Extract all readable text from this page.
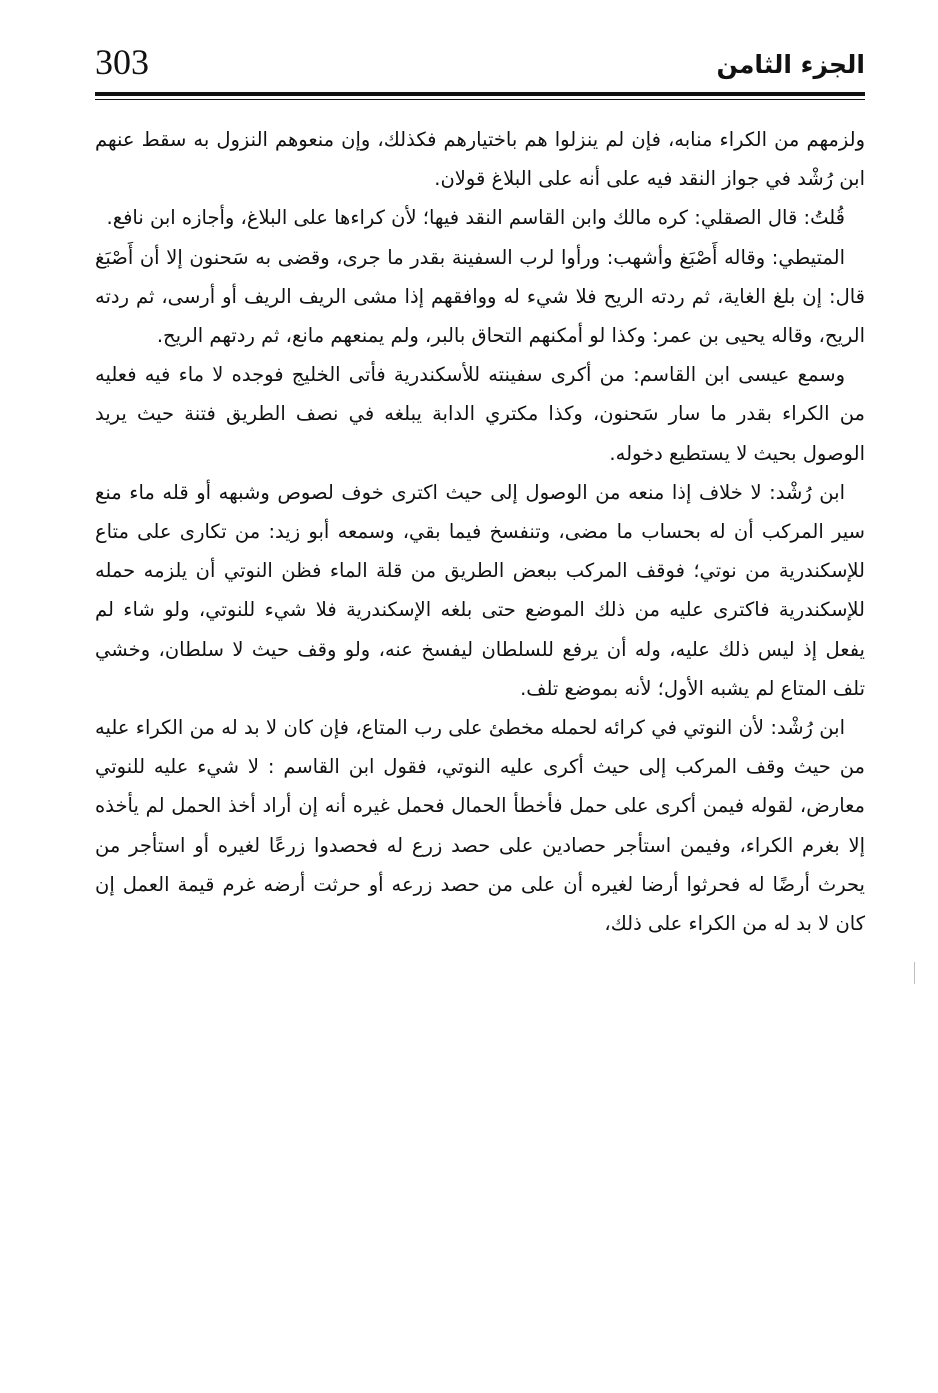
303	الجزء الثامن

ولزمهم من الكراء منابه، فإن لم ينزلوا هم باختيارهم فكذلك، وإن منعوهم النزول به سقط عنهم ابن رُشْد في جواز النقد فيه على أنه على البلاغ قولان.

قُلتُ: قال الصقلي: كره مالك وابن القاسم النقد فيها؛ لأن كراءها على البلاغ، وأجازه ابن نافع.

المتيطي: وقاله أَصْبَغ وأشهب: ورأوا لرب السفينة بقدر ما جرى، وقضى به سَحنون إلا أن أَصْبَغ قال: إن بلغ الغاية، ثم ردته الريح فلا شيء له ووافقهم إذا مشى الريف الريف أو أرسى، ثم ردته الريح، وقاله يحيى بن عمر: وكذا لو أمكنهم التحاق بالبر، ولم يمنعهم مانع، ثم ردتهم الريح.

وسمع عيسى ابن القاسم: من أكرى سفينته للأسكندرية فأتى الخليج فوجده لا ماء فيه فعليه من الكراء بقدر ما سار سَحنون، وكذا مكتري الدابة يبلغه في نصف الطريق فتنة حيث يريد الوصول بحيث لا يستطيع دخوله.

ابن رُشْد: لا خلاف إذا منعه من الوصول إلى حيث اكترى خوف لصوص وشبهه أو قله ماء منع سير المركب أن له بحساب ما مضى، وتنفسخ فيما بقي، وسمعه أبو زيد: من تكارى على متاع للإسكندرية من نوتي؛ فوقف المركب ببعض الطريق من قلة الماء فظن النوتي أن يلزمه حمله للإسكندرية فاكترى عليه من ذلك الموضع حتى بلغه الإسكندرية فلا شيء للنوتي، ولو شاء لم يفعل إذ ليس ذلك عليه، وله أن يرفع للسلطان ليفسخ عنه، ولو وقف حيث لا سلطان، وخشي تلف المتاع لم يشبه الأول؛ لأنه بموضع تلف.

ابن رُشْد: لأن النوتي في كرائه لحمله مخطئ على رب المتاع، فإن كان لا بد له من الكراء عليه من حيث وقف المركب إلى حيث أكرى عليه النوتي، فقول ابن القاسم : لا شيء عليه للنوتي معارض، لقوله فيمن أكرى على حمل فأخطأ الحمال فحمل غيره أنه إن أراد أخذ الحمل لم يأخذه إلا بغرم الكراء، وفيمن استأجر حصادين على حصد زرع له فحصدوا زرعًا لغيره أو استأجر من يحرث أرضًا له فحرثوا أرضا لغيره أن على من حصد زرعه أو حرثت أرضه غرم قيمة العمل إن كان لا بد له من الكراء على ذلك،
